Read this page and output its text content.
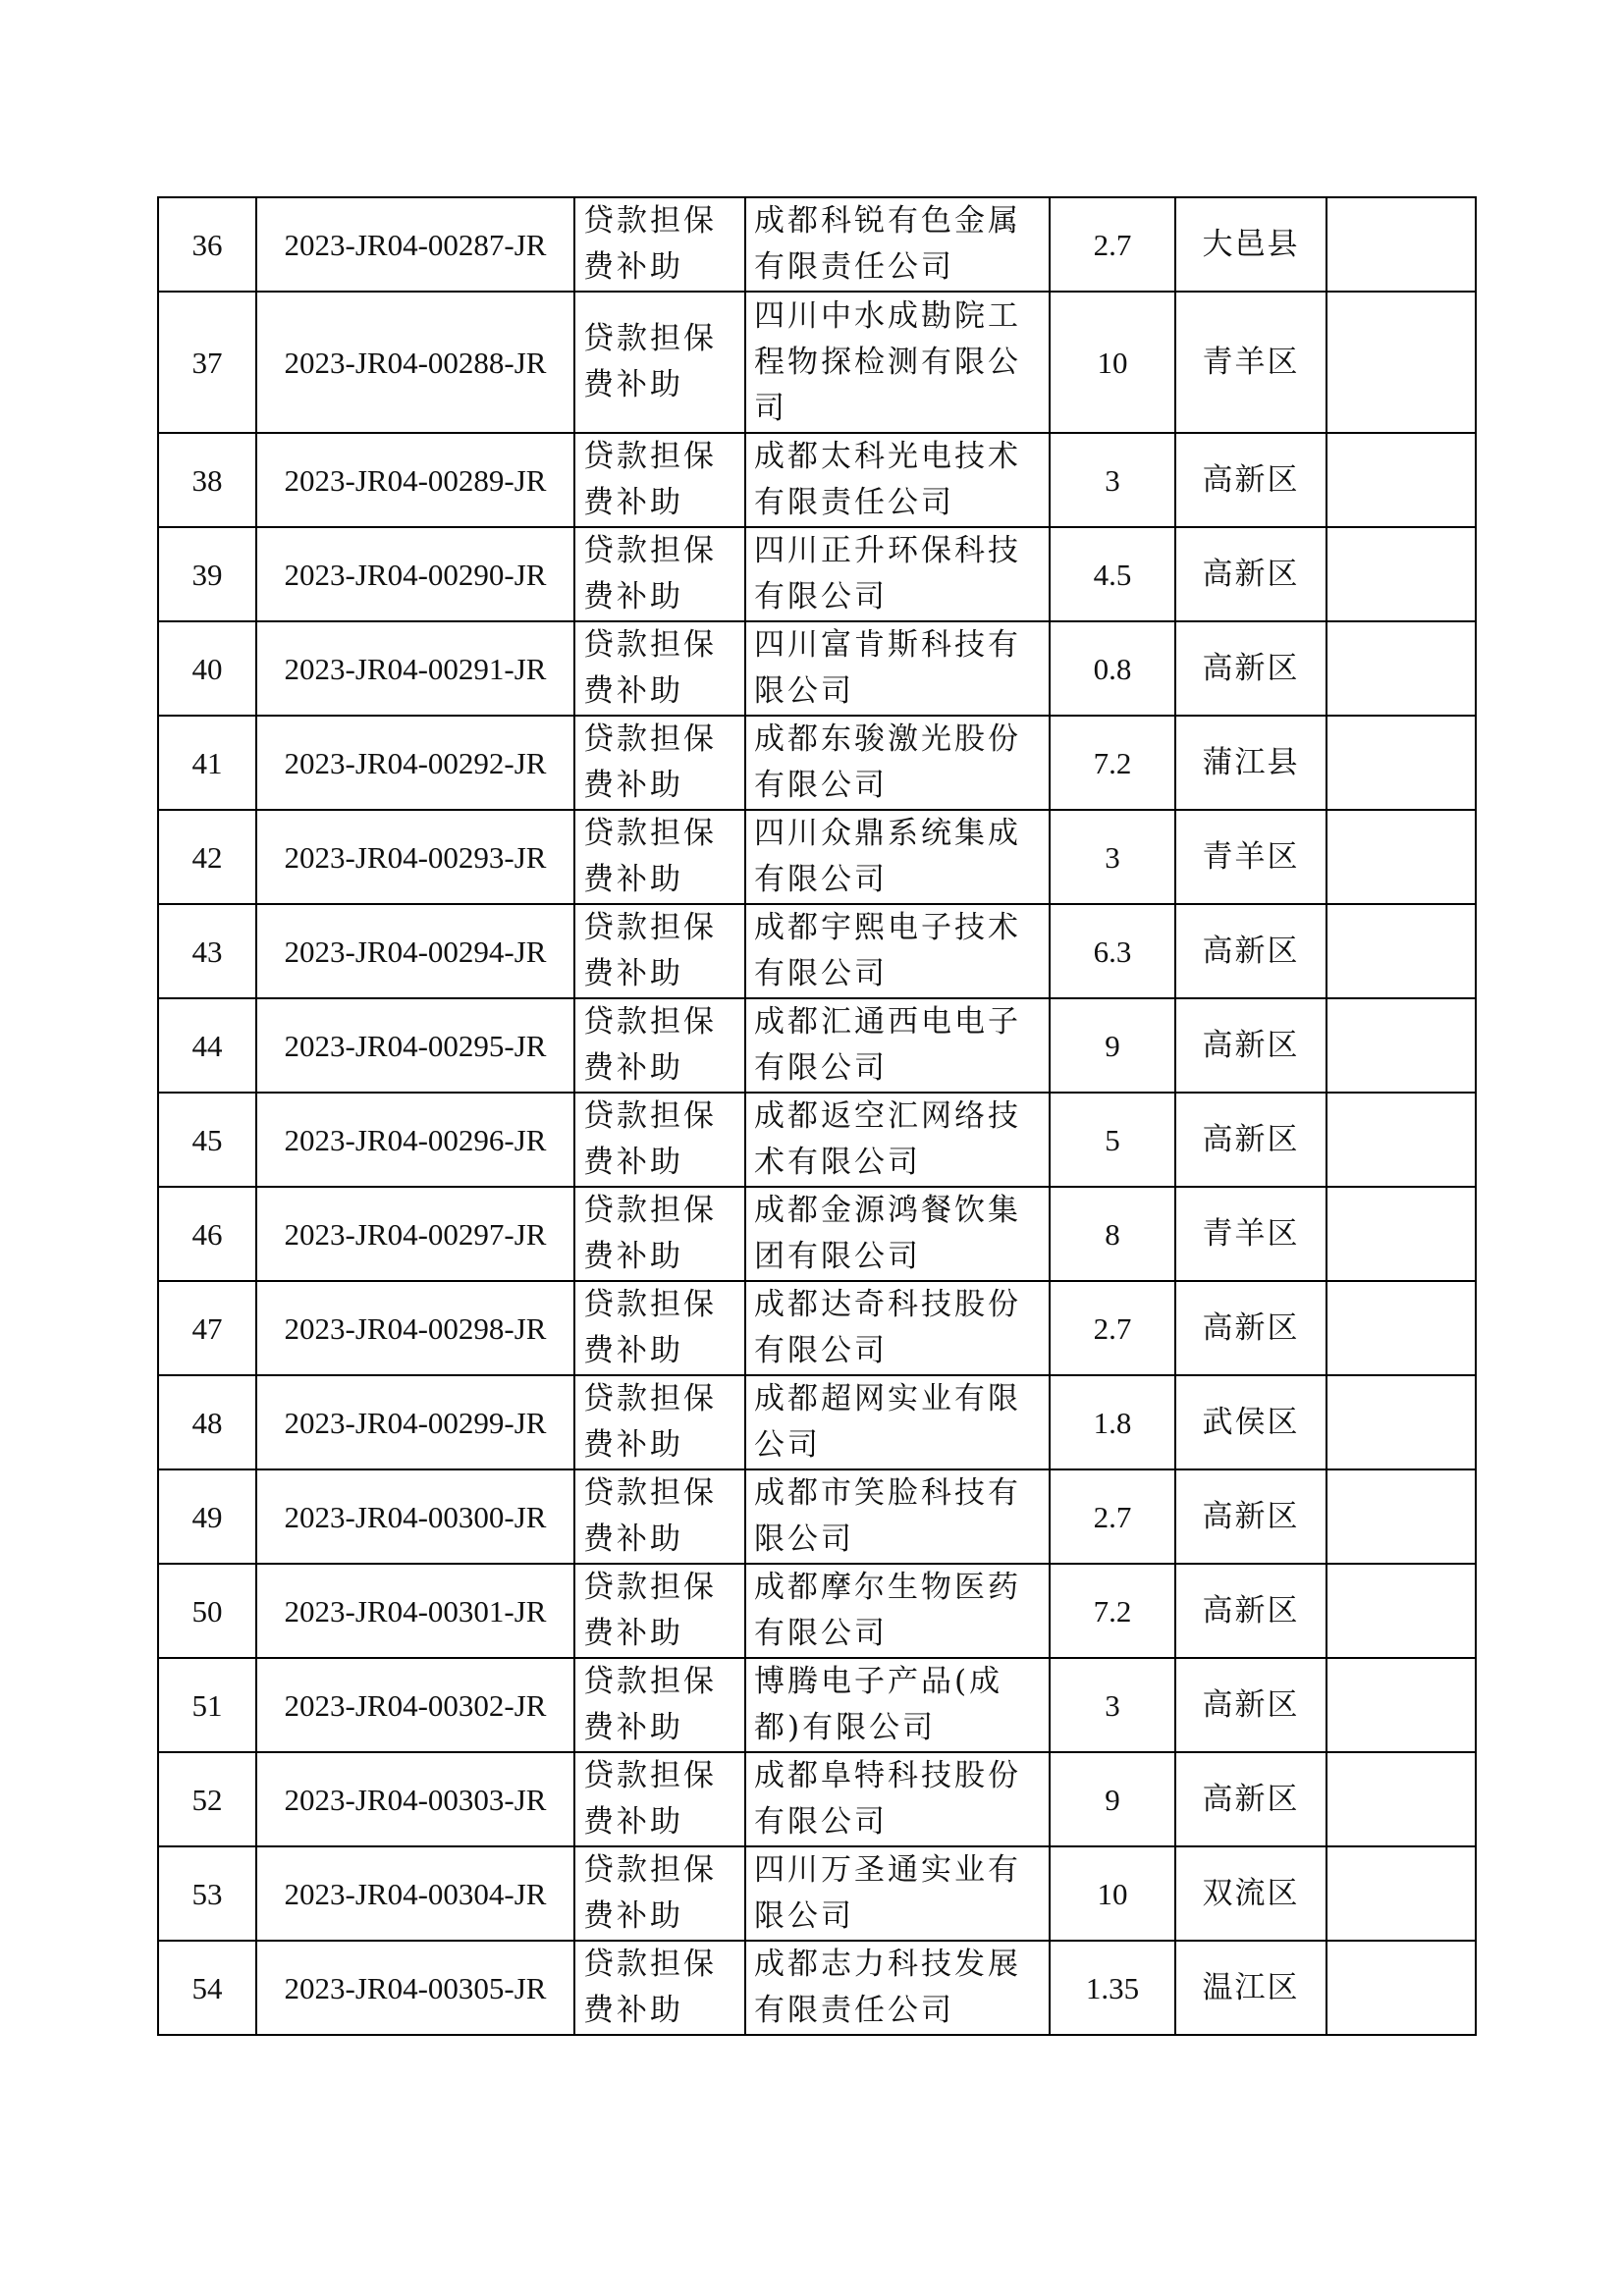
36	2023-JR04-00287-JR	贷款担保费补助	成都科锐有色金属有限责任公司	2.7	大邑县	
37	2023-JR04-00288-JR	贷款担保费补助	四川中水成勘院工程物探检测有限公司	10	青羊区	
38	2023-JR04-00289-JR	贷款担保费补助	成都太科光电技术有限责任公司	3	高新区	
39	2023-JR04-00290-JR	贷款担保费补助	四川正升环保科技有限公司	4.5	高新区	
40	2023-JR04-00291-JR	贷款担保费补助	四川富肯斯科技有限公司	0.8	高新区	
41	2023-JR04-00292-JR	贷款担保费补助	成都东骏激光股份有限公司	7.2	蒲江县	
42	2023-JR04-00293-JR	贷款担保费补助	四川众鼎系统集成有限公司	3	青羊区	
43	2023-JR04-00294-JR	贷款担保费补助	成都宇熙电子技术有限公司	6.3	高新区	
44	2023-JR04-00295-JR	贷款担保费补助	成都汇通西电电子有限公司	9	高新区	
45	2023-JR04-00296-JR	贷款担保费补助	成都返空汇网络技术有限公司	5	高新区	
46	2023-JR04-00297-JR	贷款担保费补助	成都金源鸿餐饮集团有限公司	8	青羊区	
47	2023-JR04-00298-JR	贷款担保费补助	成都达奇科技股份有限公司	2.7	高新区	
48	2023-JR04-00299-JR	贷款担保费补助	成都超网实业有限公司	1.8	武侯区	
49	2023-JR04-00300-JR	贷款担保费补助	成都市笑脸科技有限公司	2.7	高新区	
50	2023-JR04-00301-JR	贷款担保费补助	成都摩尔生物医药有限公司	7.2	高新区	
51	2023-JR04-00302-JR	贷款担保费补助	博腾电子产品(成都)有限公司	3	高新区	
52	2023-JR04-00303-JR	贷款担保费补助	成都阜特科技股份有限公司	9	高新区	
53	2023-JR04-00304-JR	贷款担保费补助	四川万圣通实业有限公司	10	双流区	
54	2023-JR04-00305-JR	贷款担保费补助	成都志力科技发展有限责任公司	1.35	温江区	
